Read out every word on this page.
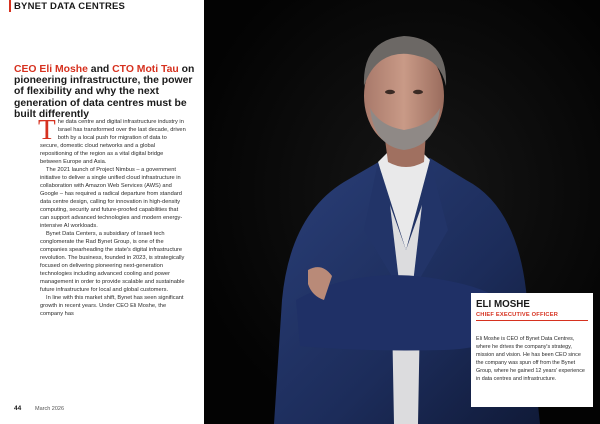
BYNET DATA CENTRES
CEO Eli Moshe and CTO Moti Tau on pioneering infrastructure, the power of flexibility and why the next generation of data centres must be built differently

The data centre and digital infrastructure industry in Israel has transformed over the last decade, driven both by a local push for migration of data to secure, domestic cloud networks and a global repositioning of the region as a vital digital bridge between Europe and Asia.

The 2021 launch of Project Nimbus – a government initiative to deliver a single unified cloud infrastructure in collaboration with Amazon Web Services (AWS) and Google – has required a radical departure from standard data centre design, calling for innovation in high-density computing, security and future-proofed capabilities that can support advanced technologies and modern energy-intensive AI workloads.

Bynet Data Centers, a subsidiary of Israeli tech conglomerate the Rad Bynet Group, is one of the companies spearheading the state's digital infrastructure revolution. The business, founded in 2023, is strategically focused on delivering pioneering next-generation technologies including advanced cooling and power management in order to provide scalable and sustainable future infrastructure for local and global customers.

In line with this market shift, Bynet has seen significant growth in recent years. Under CEO Eli Moshe, the company has

44	March 2026
ELI MOSHE
CHIEF EXECUTIVE OFFICER
Eli Moshe is CEO of Bynet Data Centres, where he drives the company's strategy, mission and vision. He has been CEO since the company was spun off from the Bynet Group, where he gained 12 years' experience in data centres and infrastructure.
